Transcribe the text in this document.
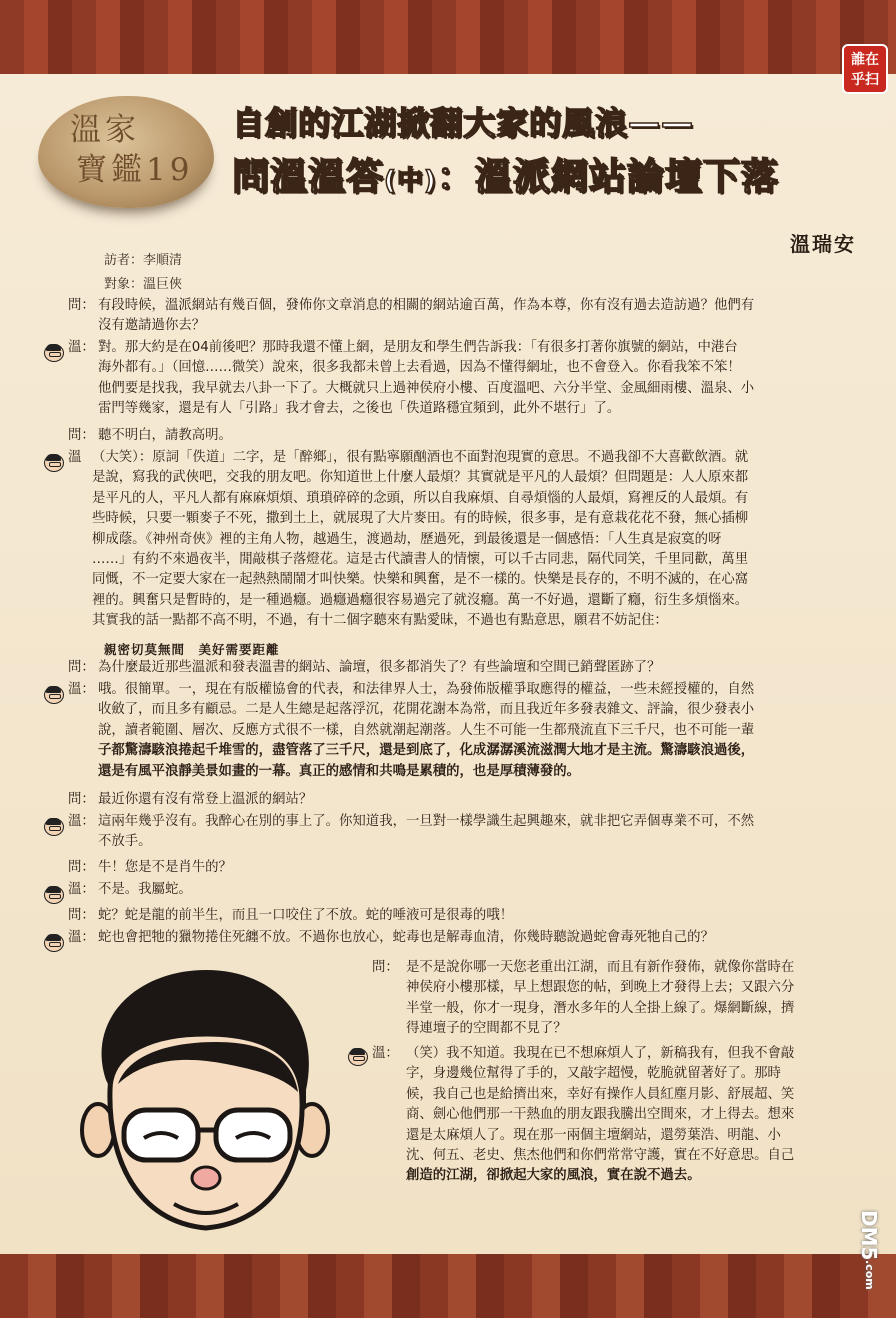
誰在
乎扫
溫家
寶鑑19
自創的江湖掀翻大家的風浪——
問溫溫答(中)：溫派網站論壇下落
溫瑞安
訪者：李順清
對象：溫巨俠
問： 有段時候，溫派網站有幾百個，發佈你文章消息的相關的網站逾百萬，作為本尊，你有沒有過去造訪過？他們有
沒有邀請過你去？
溫： 對。那大約是在04前後吧？那時我還不懂上網，是朋友和學生們告訴我：「有很多打著你旗號的網站，中港台
海外都有。」（回憶……微笑）說來，很多我都未曾上去看過，因為不懂得網址，也不會登入。你看我笨不笨！
他們要是找我，我早就去八卦一下了。大概就只上過神侯府小樓、百度溫吧、六分半堂、金風細雨樓、溫泉、小
雷門等幾家，還是有人「引路」我才會去，之後也「佚道路穩宜頻到，此外不堪行」了。
問： 聽不明白，請教高明。
溫 （大笑）：原詞「佚道」二字，是「醉鄉」，很有點寧願酗酒也不面對泡現實的意思。不過我卻不大喜歡飲酒。就
是說，寫我的武俠吧，交我的朋友吧。你知道世上什麼人最煩？其實就是平凡的人最煩？但問題是：人人原來都
是平凡的人，平凡人都有麻麻煩煩、瑣瑣碎碎的念頭，所以自我麻煩、自尋煩惱的人最煩，寫裡反的人最煩。有
些時候，只要一顆麥子不死，撒到土上，就展現了大片麥田。有的時候，很多事，是有意栽花花不發，無心插柳
柳成蔭。《神州奇俠》裡的主角人物，越過生，渡過劫，歷過死，到最後還是一個感悟：「人生真是寂寞的呀
……」有約不來過夜半，閒敲棋子落燈花。這是古代讀書人的情懷，可以千古同悲，隔代同笑，千里同歡，萬里
同慨，不一定要大家在一起熱熱鬧鬧才叫快樂。快樂和興奮，是不一樣的。快樂是長存的，不明不滅的，在心窩
裡的。興奮只是暫時的，是一種過癮。過癮過癮很容易過完了就沒癮。萬一不好過，還斷了癮，衍生多煩惱來。
其實我的話一點都不高不明，不過，有十二個字聽來有點愛昧，不過也有點意思，願君不妨記住：
親密切莫無間　美好需要距離
問： 為什麼最近那些溫派和發表溫書的網站、論壇，很多都消失了？有些論壇和空間已銷聲匿跡了？
溫： 哦。很簡單。一，現在有版權協會的代表，和法律界人士，為發佈版權爭取應得的權益，一些未經授權的，自然
收斂了，而且多有顧忌。二是人生總是起落浮沉，花開花謝本為常，而且我近年多發表雜文、評論，很少發表小
說，讀者範圍、層次、反應方式很不一樣，自然就潮起潮落。人生不可能一生都飛流直下三千尺，也不可能一輩
子都驚濤駭浪捲起千堆雪的，盡管落了三千尺，還是到底了，化成潺潺溪流滋潤大地才是主流。驚濤駭浪過後，
還是有風平浪靜美景如畫的一幕。真正的感情和共鳴是累積的，也是厚積薄發的。
問： 最近你還有沒有常登上溫派的網站？
溫： 這兩年幾乎沒有。我醉心在別的事上了。你知道我，一旦對一樣學識生起興趣來，就非把它弄個專業不可，不然
不放手。
問： 牛！您是不是肖牛的？
溫： 不是。我屬蛇。
問： 蛇？蛇是龍的前半生，而且一口咬住了不放。蛇的唾液可是很毒的哦！
溫： 蛇也會把牠的獵物捲住死纏不放。不過你也放心，蛇毒也是解毒血清，你幾時聽說過蛇會毒死牠自己的？
問： 是不是說你哪一天您老重出江湖，而且有新作發佈，就像你當時在
神侯府小樓那樣，早上想跟您的帖，到晚上才發得上去；又跟六分
半堂一般，你才一現身，潛水多年的人全掛上線了。爆網斷線，擠
得連壇子的空間都不見了？
溫： （笑）我不知道。我現在已不想麻煩人了，新稿我有，但我不會敲
字，身邊幾位幫得了手的，又敲字超慢，乾脆就留著好了。那時
候，我自己也是給擠出來，幸好有操作人員紅塵月影、舒展超、笑
商、劍心他們那一干熱血的朋友跟我騰出空間來，才上得去。想來
還是太麻煩人了。現在那一兩個主壇網站，還勞葉浩、明龍、小
沈、何五、老史、焦杰他們和你們常常守護，實在不好意思。自己
創造的江湖，卻掀起大家的風浪，實在說不過去。
DM5
.com
